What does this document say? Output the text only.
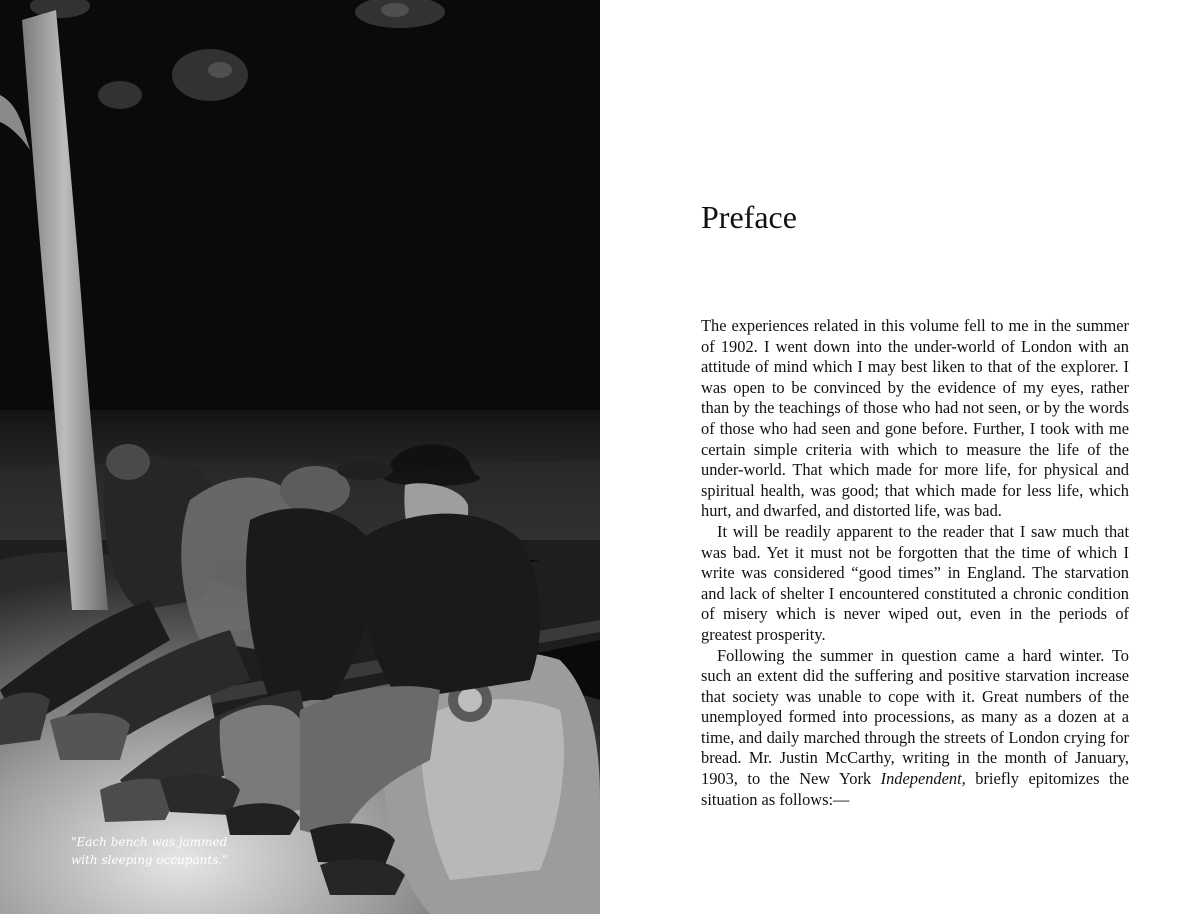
"Each bench was jammed
with sleeping occupants."

Preface

The experiences related in this volume fell to me in the summer of 1902. I went down into the under-world of London with an attitude of mind which I may best liken to that of the explorer. I was open to be convinced by the evidence of my eyes, rather than by the teachings of those who had not seen, or by the words of those who had seen and gone before. Further, I took with me certain simple criteria with which to measure the life of the under-world. That which made for more life, for physical and spiritual health, was good; that which made for less life, which hurt, and dwarfed, and distorted life, was bad.

It will be readily apparent to the reader that I saw much that was bad. Yet it must not be forgotten that the time of which I write was considered “good times” in England. The starvation and lack of shelter I encountered constituted a chronic condition of misery which is never wiped out, even in the periods of greatest prosperity.

Following the summer in question came a hard winter. To such an extent did the suffering and positive starvation increase that society was unable to cope with it. Great numbers of the unemployed formed into processions, as many as a dozen at a time, and daily marched through the streets of London crying for bread. Mr. Justin McCarthy, writing in the month of January, 1903, to the New York Independent, briefly epitomizes the situation as follows:—
